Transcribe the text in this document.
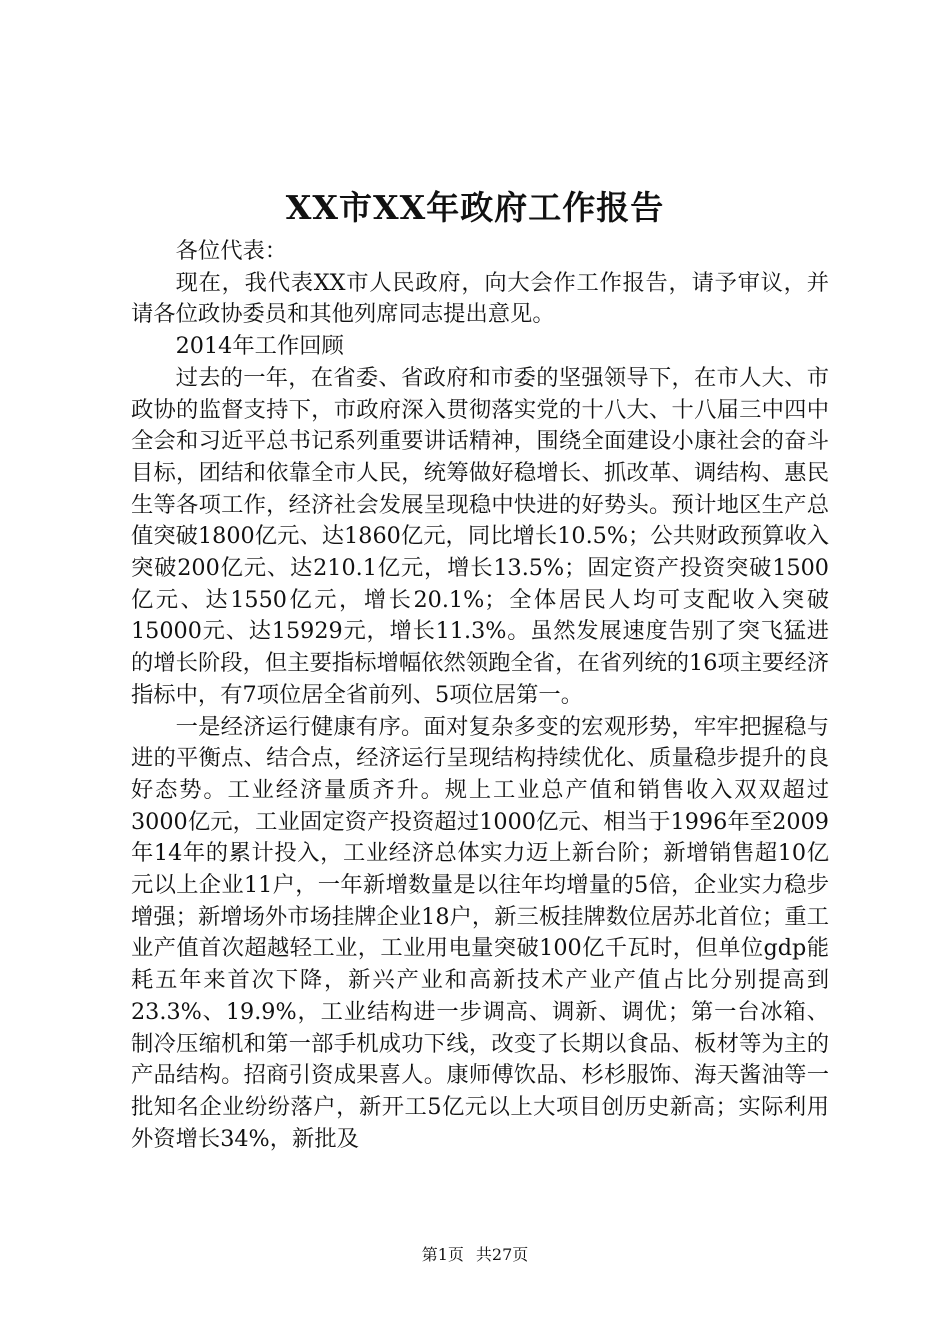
XX市XX年政府工作报告

各位代表：

现在，我代表XX市人民政府，向大会作工作报告，请予审议，并请各位政协委员和其他列席同志提出意见。

2014年工作回顾

过去的一年，在省委、省政府和市委的坚强领导下，在市人大、市政协的监督支持下，市政府深入贯彻落实党的十八大、十八届三中四中全会和习近平总书记系列重要讲话精神，围绕全面建设小康社会的奋斗目标，团结和依靠全市人民，统筹做好稳增长、抓改革、调结构、惠民生等各项工作，经济社会发展呈现稳中快进的好势头。预计地区生产总值突破1800亿元、达1860亿元，同比增长10.5%；公共财政预算收入突破200亿元、达210.1亿元，增长13.5%；固定资产投资突破1500亿元、达1550亿元，增长20.1%；全体居民人均可支配收入突破15000元、达15929元，增长11.3%。虽然发展速度告别了突飞猛进的增长阶段，但主要指标增幅依然领跑全省，在省列统的16项主要经济指标中，有7项位居全省前列、5项位居第一。

一是经济运行健康有序。面对复杂多变的宏观形势，牢牢把握稳与进的平衡点、结合点，经济运行呈现结构持续优化、质量稳步提升的良好态势。工业经济量质齐升。规上工业总产值和销售收入双双超过3000亿元，工业固定资产投资超过1000亿元、相当于1996年至2009年14年的累计投入，工业经济总体实力迈上新台阶；新增销售超10亿元以上企业11户，一年新增数量是以往年均增量的5倍，企业实力稳步增强；新增场外市场挂牌企业18户，新三板挂牌数位居苏北首位；重工业产值首次超越轻工业，工业用电量突破100亿千瓦时，但单位gdp能耗五年来首次下降，新兴产业和高新技术产业产值占比分别提高到23.3%、19.9%，工业结构进一步调高、调新、调优；第一台冰箱、制冷压缩机和第一部手机成功下线，改变了长期以食品、板材等为主的产品结构。招商引资成果喜人。康师傅饮品、杉杉服饰、海天酱油等一批知名企业纷纷落户，新开工5亿元以上大项目创历史新高；实际利用外资增长34%，新批及

第1页 共27页
